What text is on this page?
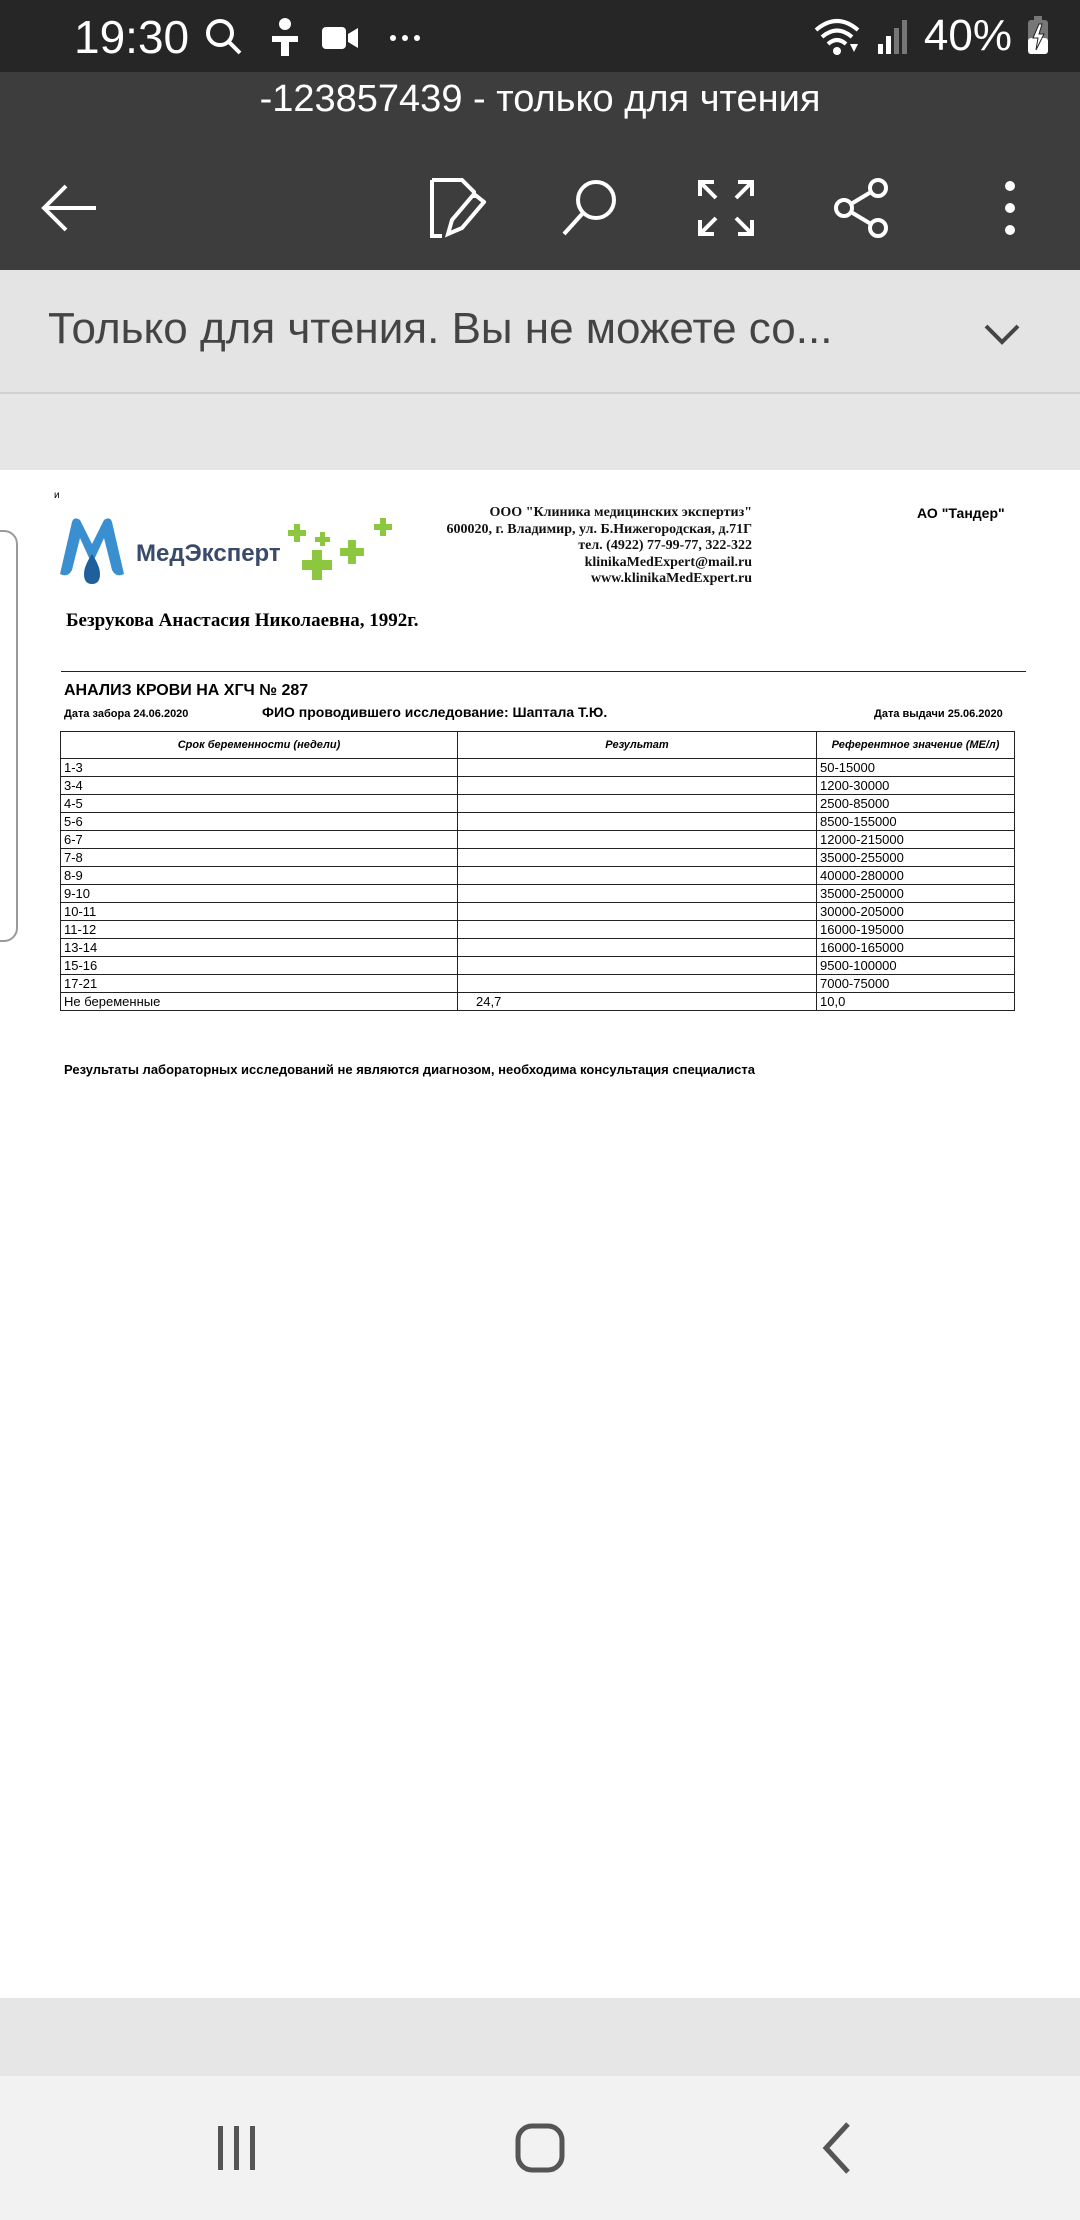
19:30	40%
-123857439 - только для чтения
Только для чтения. Вы не можете со...
и
МедЭксперт
ООО "Клиника медицинских экспертиз"
600020, г. Владимир, ул. Б.Нижегородская, д.71Г
тел. (4922) 77-99-77, 322-322
klinikaMedExpert@mail.ru
www.klinikaMedExpert.ru
АО "Тандер"
Безрукова Анастасия Николаевна, 1992г.
АНАЛИЗ КРОВИ НА ХГЧ № 287
Дата забора 24.06.2020	ФИО проводившего исследование: Шаптала Т.Ю.	Дата выдачи 25.06.2020
Срок беременности (недели)	Результат	Референтное значение (МЕ/л)
1-3		50-15000
3-4		1200-30000
4-5		2500-85000
5-6		8500-155000
6-7		12000-215000
7-8		35000-255000
8-9		40000-280000
9-10		35000-250000
10-11		30000-205000
11-12		16000-195000
13-14		16000-165000
15-16		9500-100000
17-21		7000-75000
Не беременные	24,7	10,0
Результаты лабораторных исследований не являются диагнозом, необходима консультация специалиста
